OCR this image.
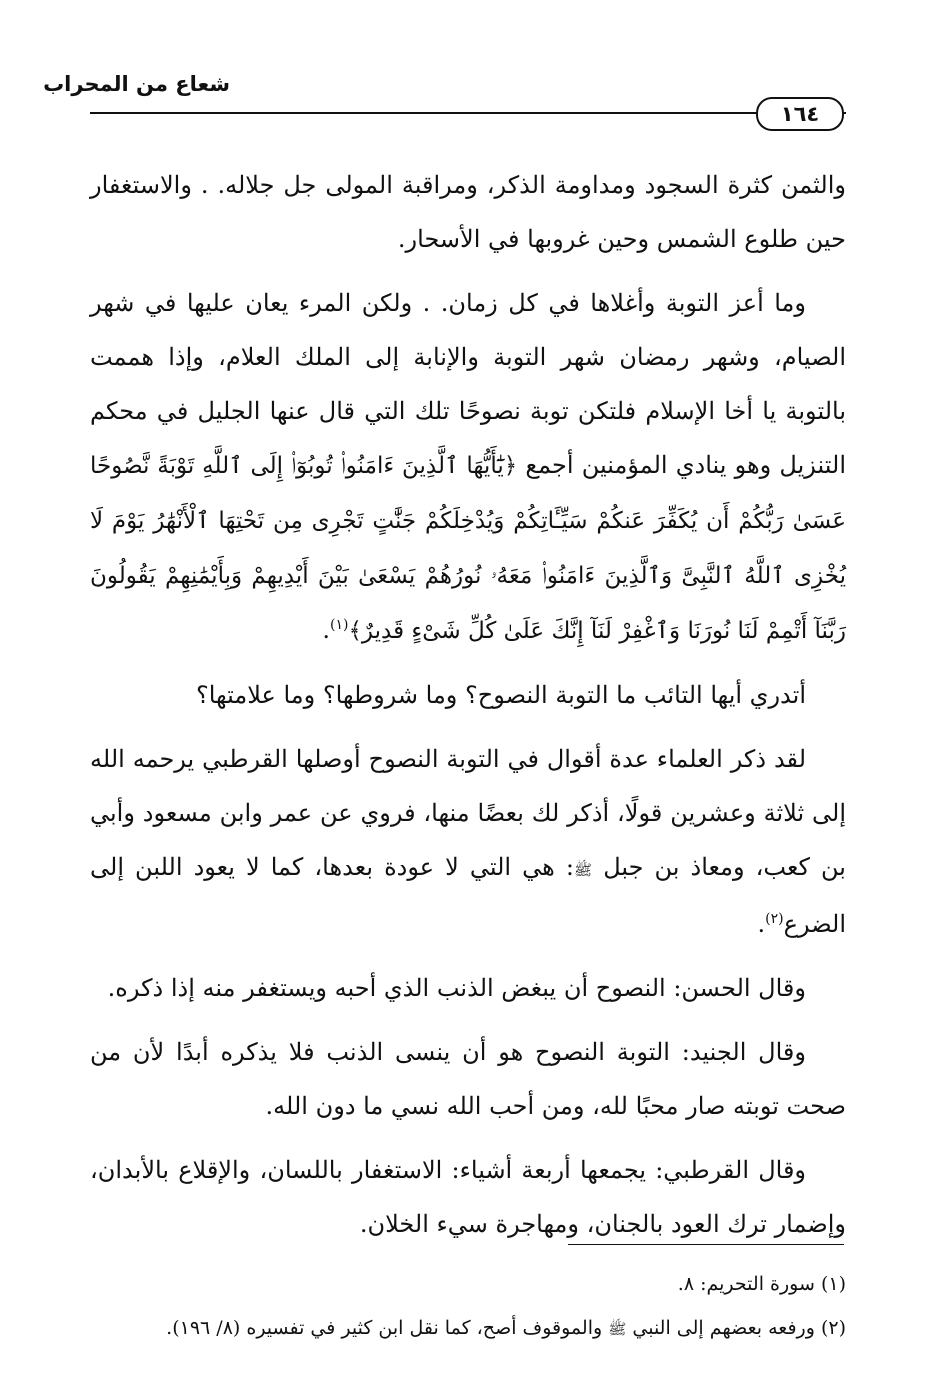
شعاع من المحراب
١٦٤

والثمن كثرة السجود ومداومة الذكر، ومراقبة المولى جل جلاله. . والاستغفار حين طلوع الشمس وحين غروبها في الأسحار.

وما أعز التوبة وأغلاها في كل زمان. . ولكن المرء يعان عليها في شهر الصيام، وشهر رمضان شهر التوبة والإنابة إلى الملك العلام، وإذا هممت بالتوبة يا أخا الإسلام فلتكن توبة نصوحًا تلك التي قال عنها الجليل في محكم التنزيل وهو ينادي المؤمنين أجمع ﴿يَٰٓأَيُّهَا ٱلَّذِينَ ءَامَنُوا۟ تُوبُوٓا۟ إِلَى ٱللَّهِ تَوْبَةً نَّصُوحًا عَسَىٰ رَبُّكُمْ أَن يُكَفِّرَ عَنكُمْ سَيِّـَٔاتِكُمْ وَيُدْخِلَكُمْ جَنَّٰتٍ تَجْرِى مِن تَحْتِهَا ٱلْأَنْهَٰرُ يَوْمَ لَا يُخْزِى ٱللَّهُ ٱلنَّبِىَّ وَٱلَّذِينَ ءَامَنُوا۟ مَعَهُۥ نُورُهُمْ يَسْعَىٰ بَيْنَ أَيْدِيهِمْ وَبِأَيْمَٰنِهِمْ يَقُولُونَ رَبَّنَآ أَتْمِمْ لَنَا نُورَنَا وَٱغْفِرْ لَنَآ إِنَّكَ عَلَىٰ كُلِّ شَىْءٍ قَدِيرٌ﴾$^{(١)}$.

أتدري أيها التائب ما التوبة النصوح؟ وما شروطها؟ وما علامتها؟

لقد ذكر العلماء عدة أقوال في التوبة النصوح أوصلها القرطبي يرحمه الله إلى ثلاثة وعشرين قولًا، أذكر لك بعضًا منها، فروي عن عمر وابن مسعود وأبي بن كعب، ومعاذ بن جبل ﷺ: هي التي لا عودة بعدها، كما لا يعود اللبن إلى الضرع$^{(٢)}$.

وقال الحسن: النصوح أن يبغض الذنب الذي أحبه ويستغفر منه إذا ذكره.

وقال الجنيد: التوبة النصوح هو أن ينسى الذنب فلا يذكره أبدًا لأن من صحت توبته صار محبًا لله، ومن أحب الله نسي ما دون الله.

وقال القرطبي: يجمعها أربعة أشياء: الاستغفار باللسان، والإقلاع بالأبدان، وإضمار ترك العود بالجنان، ومهاجرة سيء الخلان.

(١) سورة التحريم: ٨.

(٢) ورفعه بعضهم إلى النبي ﷺ والموقوف أصح، كما نقل ابن كثير في تفسيره (٨/ ١٩٦).
